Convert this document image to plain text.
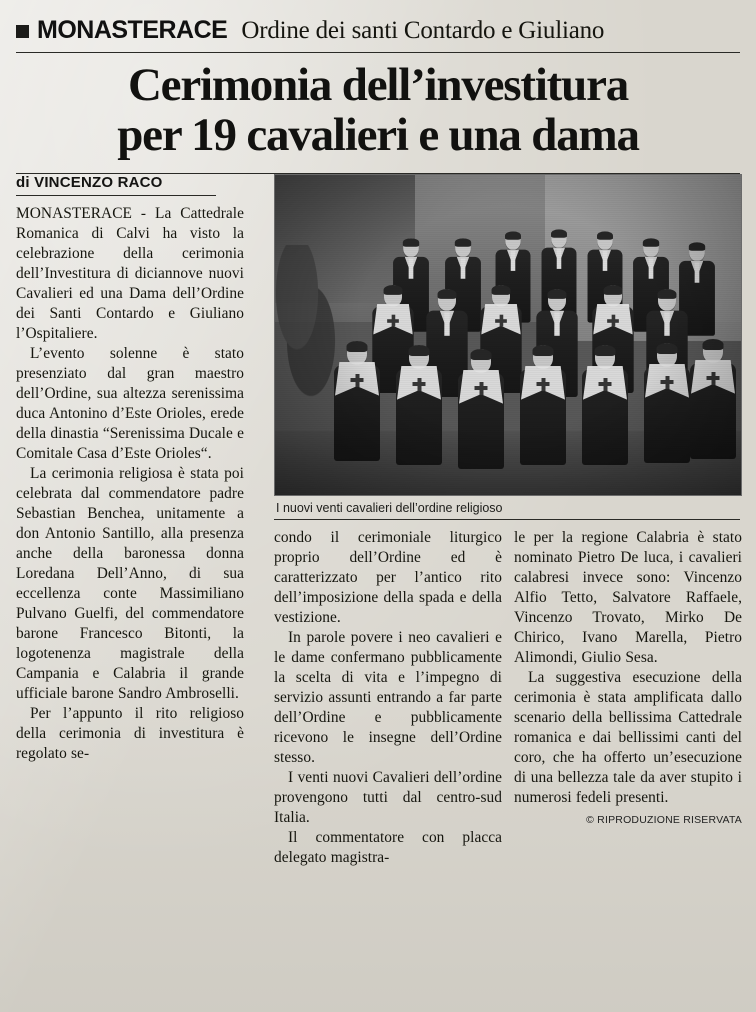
MONASTERACE Ordine dei santi Contardo e Giuliano
Cerimonia dell’investitura
per 19 cavalieri e una dama
di VINCENZO RACO

MONASTERACE - La Cattedrale Romanica di Calvi ha visto la celebrazione della cerimonia dell’Investitura di diciannove nuovi Cavalieri ed una Dama dell’Ordine dei Santi Contardo e Giuliano l’Ospitaliere.

L’evento solenne è stato presenziato dal gran maestro dell’Ordine, sua altezza serenissima duca Antonino d’Este Orioles, erede della dinastia “Serenissima Ducale e Comitale Casa d’Este Orioles“.

La cerimonia religiosa è stata poi celebrata dal commendatore padre Sebastian Benchea, unitamente a don Antonio Santillo, alla presenza anche della baronessa donna Loredana Dell’Anno, di sua eccellenza conte Massimiliano Pulvano Guelfi, del commendatore barone Francesco Bitonti, la logotenenza magistrale della Campania e Calabria il grande ufficiale barone Sandro Ambroselli.

Per l’appunto il rito religioso della cerimonia di investitura è regolato se-

I nuovi venti cavalieri dell’ordine religioso

condo il cerimoniale liturgico proprio dell’Ordine ed è caratterizzato per l’antico rito dell’imposizione della spada e della vestizione.

In parole povere i neo cavalieri e le dame confermano pubblicamente la scelta di vita e l’impegno di servizio assunti entrando a far parte dell’Ordine e pubblicamente ricevono le insegne dell’Ordine stesso.

I venti nuovi Cavalieri dell’ordine provengono tutti dal centro-sud Italia.

Il commentatore con placca delegato magistra-

le per la regione Calabria è stato nominato Pietro De luca, i cavalieri calabresi invece sono: Vincenzo Alfio Tetto, Salvatore Raffaele, Vincenzo Trovato, Mirko De Chirico, Ivano Marella, Pietro Alimondi, Giulio Sesa.

La suggestiva esecuzione della cerimonia è stata amplificata dallo scenario della bellissima Cattedrale romanica e dai bellissimi canti del coro, che ha offerto un’esecuzione di una bellezza tale da aver stupito i numerosi fedeli presenti.

© RIPRODUZIONE RISERVATA
